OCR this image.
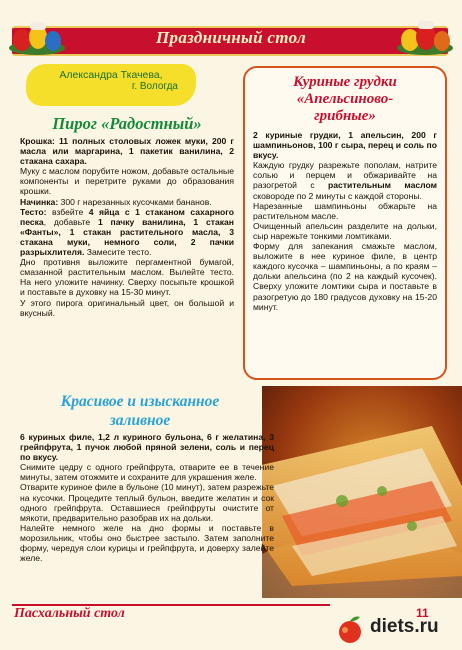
Праздничный стол
Александра Ткачева,
г. Вологда
Пирог «Радостный»

Крошка: 11 полных столовых ложек муки, 200 г масла или маргарина, 1 пакетик ванилина, 2 стакана сахара.

Муку с маслом порубите ножом, добавьте остальные компоненты и перетрите руками до образования крошки.

Начинка: 300 г нарезанных кусочками бананов.

Тесто: взбейте 4 яйца с 1 стаканом сахарного песка, добавьте 1 пачку ванилина, 1 стакан «Фанты», 1 стакан растительного масла, 3 стакана муки, немного соли, 2 пачки разрыхлителя. Замесите тесто.

Дно противня выложите пергаментной бумагой, смазанной растительным маслом. Вылейте тесто. На него уложите начинку. Сверху посыпьте крошкой и поставьте в духовку на 15-30 минут.

У этого пирога оригинальный цвет, он большой и вкусный.

Куриные грудки
«Апельсиново-
грибные»

2 куриные грудки, 1 апельсин, 200 г шампиньонов, 100 г сыра, перец и соль по вкусу.

Каждую грудку разрежьте пополам, натрите солью и перцем и обжаривайте на разогретой с растительным маслом сковороде по 2 минуты с каждой стороны.

Нарезанные шампиньоны обжарьте на растительном масле.

Очищенный апельсин разделите на дольки, сыр нарежьте тонкими ломтиками.

Форму для запекания смажьте маслом, выложите в нее куриное филе, в центр каждого кусочка – шампиньоны, а по краям – дольки апельсина (по 2 на каждый кусочек). Сверху уложите ломтики сыра и поставьте в разогретую до 180 градусов духовку на 15-20 минут.

Красивое и изысканное
заливное

6 куриных филе, 1,2 л куриного бульона, 6 г желатина, 3 грейпфрута, 1 пучок любой пряной зелени, соль и перец по вкусу.

Снимите цедру с одного грейпфрута, отварите ее в течение минуты, затем отожмите и сохраните для украшения желе.

Отварите куриное филе в бульоне (10 минут), затем разрежьте на кусочки. Процедите теплый бульон, введите желатин и сок одного грейпфрута. Оставшиеся грейпфруты очистите от мякоти, предварительно разобрав их на дольки.

Налейте немного желе на дно формы и поставьте в морозильник, чтобы оно быстрее застыло. Затем заполните форму, чередуя слои курицы и грейпфрута, и доверху залейте желе.

Пасхальный стол	11
diets.ru
